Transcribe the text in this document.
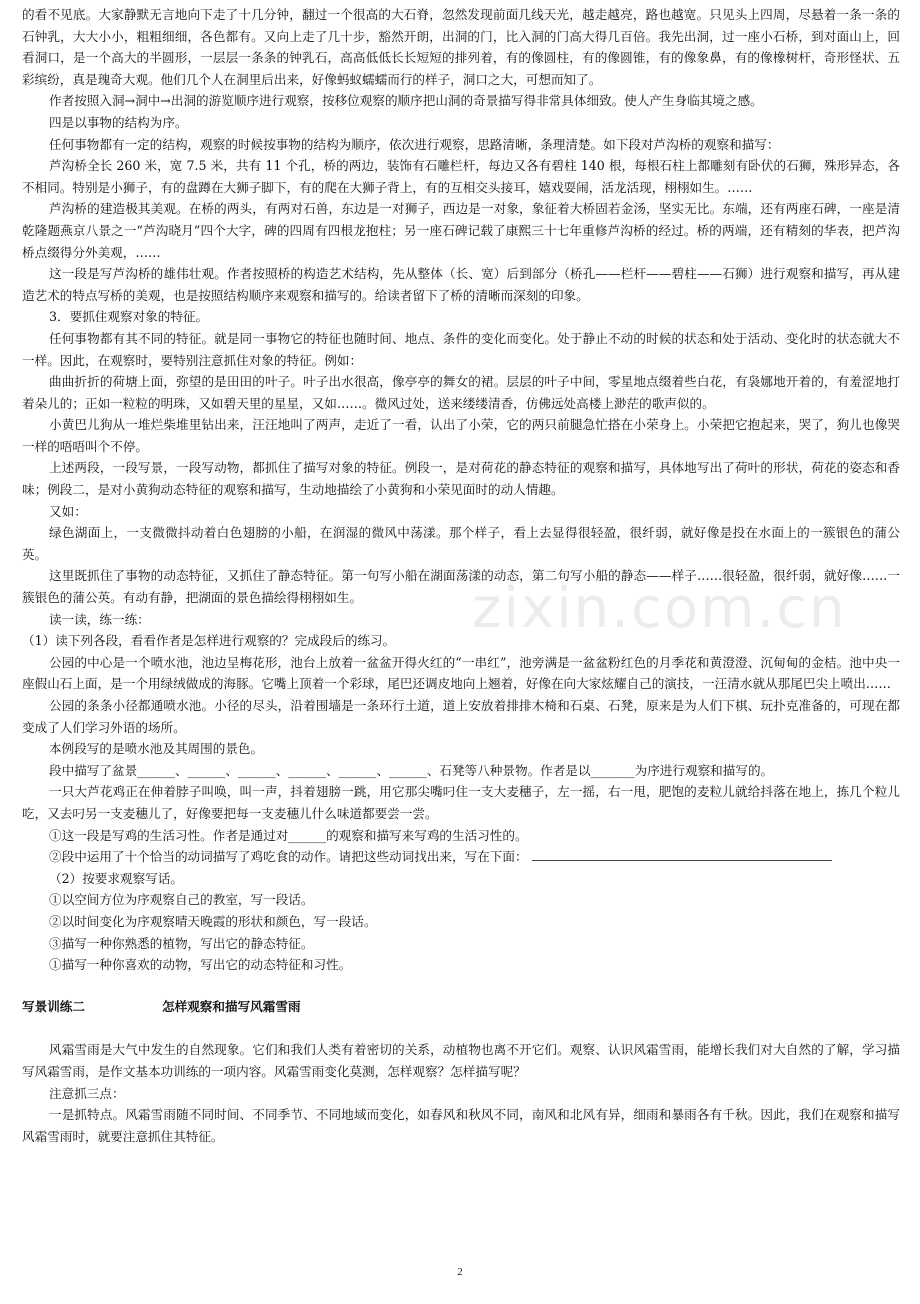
的看不见底。大家静默无言地向下走了十几分钟，翻过一个很高的大石脊，忽然发现前面几线天光，越走越亮，路也越宽。只见头上四周，尽悬着一条一条的石钟乳，大大小小，粗粗细细，各色都有。又向上走了几十步，豁然开朗，出洞的门，比入洞的门高大得几百倍。我先出洞，过一座小石桥，到对面山上，回看洞口，是一个高大的半圆形，一层层一条条的钟乳石，高高低低长长短短的排列着，有的像圆柱，有的像圆锥，有的像象鼻，有的像橡树杆，奇形怪状、五彩缤纷，真是瑰奇大观。他们几个人在洞里后出来，好像蚂蚁蠕蠕而行的样子，洞口之大，可想而知了。

作者按照入洞→洞中→出洞的游览顺序进行观察，按移位观察的顺序把山洞的奇景描写得非常具体细致。使人产生身临其境之感。

四是以事物的结构为序。

任何事物都有一定的结构，观察的时候按事物的结构为顺序，依次进行观察，思路清晰，条理清楚。如下段对芦沟桥的观察和描写：

芦沟桥全长 260 米，宽 7.5 米，共有 11 个孔，桥的两边，装饰有石雕栏杆，每边又各有碧柱 140 根，每根石柱上都雕刻有卧伏的石狮，殊形异态，各不相同。特别是小狮子，有的盘蹲在大狮子脚下，有的爬在大狮子背上，有的互相交头接耳，嬉戏耍闹，活龙活现，栩栩如生。……

芦沟桥的建造极其美观。在桥的两头，有两对石兽，东边是一对狮子，西边是一对象，象征着大桥固若金汤，坚实无比。东端，还有两座石碑，一座是清乾隆题燕京八景之一“芦沟晓月”四个大字，碑的四周有四根龙抱柱；另一座石碑记载了康熙三十七年重修芦沟桥的经过。桥的两端，还有精刻的华表，把芦沟桥点缀得分外美观，……

这一段是写芦沟桥的雄伟壮观。作者按照桥的构造艺术结构，先从整体（长、宽）后到部分（桥孔——栏杆——碧柱——石狮）进行观察和描写，再从建造艺术的特点写桥的美观，也是按照结构顺序来观察和描写的。给读者留下了桥的清晰而深刻的印象。

3．要抓住观察对象的特征。

任何事物都有其不同的特征。就是同一事物它的特征也随时间、地点、条件的变化而变化。处于静止不动的时候的状态和处于活动、变化时的状态就大不一样。因此，在观察时，要特别注意抓住对象的特征。例如：

曲曲折折的荷塘上面，弥望的是田田的叶子。叶子出水很高，像亭亭的舞女的裙。层层的叶子中间，零星地点缀着些白花，有袅娜地开着的，有羞涩地打着朵儿的；正如一粒粒的明珠，又如碧天里的星星，又如……。微风过处，送来缕缕清香，仿佛远处高楼上渺茫的歌声似的。

小黄巴儿狗从一堆烂柴堆里钻出来，汪汪地叫了两声，走近了一看，认出了小荣，它的两只前腿急忙搭在小荣身上。小荣把它抱起来，哭了，狗儿也像哭一样的唔唔叫个不停。

上述两段，一段写景，一段写动物，都抓住了描写对象的特征。例段一，是对荷花的静态特征的观察和描写，具体地写出了荷叶的形状，荷花的姿态和香味；例段二，是对小黄狗动态特征的观察和描写，生动地描绘了小黄狗和小荣见面时的动人情趣。

又如：

绿色湖面上，一支微微抖动着白色翅膀的小船，在润湿的微风中荡漾。那个样子，看上去显得很轻盈，很纤弱，就好像是投在水面上的一簇银色的蒲公英。

这里既抓住了事物的动态特征，又抓住了静态特征。第一句写小船在湖面荡漾的动态，第二句写小船的静态——样子……很轻盈，很纤弱，就好像……一簇银色的蒲公英。有动有静，把湖面的景色描绘得栩栩如生。

读一读，练一练：

（1）读下列各段，看看作者是怎样进行观察的？完成段后的练习。

公园的中心是一个喷水池，池边呈梅花形，池台上放着一盆盆开得火红的“一串红”，池旁满是一盆盆粉红色的月季花和黄澄澄、沉甸甸的金桔。池中央一座假山石上面，是一个用绿绒做成的海豚。它嘴上顶着一个彩球，尾巴还调皮地向上翘着，好像在向大家炫耀自己的演技，一汪清水就从那尾巴尖上喷出……

公园的条条小径都通喷水池。小径的尽头，沿着围墙是一条环行土道，道上安放着排排木椅和石桌、石凳，原来是为人们下棋、玩扑克准备的，可现在都变成了人们学习外语的场所。

本例段写的是喷水池及其周围的景色。

段中描写了盆景______、______、______、______、______、______、石凳等八种景物。作者是以_______为序进行观察和描写的。

一只大芦花鸡正在伸着脖子叫唤，叫一声，抖着翅膀一跳，用它那尖嘴叼住一支大麦穗子，左一摇，右一甩，肥饱的麦粒儿就给抖落在地上，拣几个粒儿吃，又去叼另一支麦穗儿了，好像要把每一支麦穗儿什么味道都要尝一尝。

①这一段是写鸡的生活习性。作者是通过对______的观察和描写来写鸡的生活习性的。

②段中运用了十个恰当的动词描写了鸡吃食的动作。请把这些动词找出来，写在下面：

（2）按要求观察写话。

①以空间方位为序观察自己的教室，写一段话。

②以时间变化为序观察晴天晚霞的形状和颜色，写一段话。

③描写一种你熟悉的植物，写出它的静态特征。

①描写一种你喜欢的动物，写出它的动态特征和习性。

写景训练二	怎样观察和描写风霜雪雨

风霜雪雨是大气中发生的自然现象。它们和我们人类有着密切的关系，动植物也离不开它们。观察、认识风霜雪雨，能增长我们对大自然的了解，学习描写风霜雪雨，是作文基本功训练的一项内容。风霜雪雨变化莫测，怎样观察？怎样描写呢？

注意抓三点：

一是抓特点。风霜雪雨随不同时间、不同季节、不同地域而变化，如春风和秋风不同，南风和北风有异，细雨和暴雨各有千秋。因此，我们在观察和描写风霜雪雨时，就要注意抓住其特征。

zixin.com.cn
2
